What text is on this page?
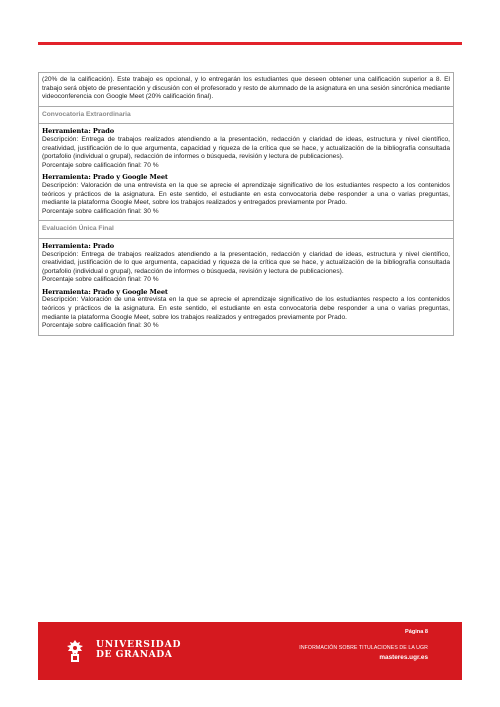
(20% de la calificación). Este trabajo es opcional, y lo entregarán los estudiantes que deseen obtener una calificación superior a 8. El trabajo será objeto de presentación y discusión con el profesorado y resto de alumnado de la asignatura en una sesión sincrónica mediante videoconferencia con Google Meet (20% calificación final).

Convocatoria Extraordinaria
Herramienta: Prado

Descripción: Entrega de trabajos realizados atendiendo a la presentación, redacción y claridad de ideas, estructura y nivel científico, creatividad, justificación de lo que argumenta, capacidad y riqueza de la crítica que se hace, y actualización de la bibliografía consultada (portafolio (individual o grupal), redacción de informes o búsqueda, revisión y lectura de publicaciones).

Porcentaje sobre calificación final: 70 %

Herramienta: Prado y Google Meet

Descripción: Valoración de una entrevista en la que se aprecie el aprendizaje significativo de los estudiantes respecto a los contenidos teóricos y prácticos de la asignatura. En este sentido, el estudiante en esta convocatoria debe responder a una o varias preguntas, mediante la plataforma Google Meet, sobre los trabajos realizados y entregados previamente por Prado.

Porcentaje sobre calificación final: 30 %

Evaluación Única Final
Herramienta: Prado

Descripción: Entrega de trabajos realizados atendiendo a la presentación, redacción y claridad de ideas, estructura y nivel científico, creatividad, justificación de lo que argumenta, capacidad y riqueza de la crítica que se hace, y actualización de la bibliografía consultada (portafolio (individual o grupal), redacción de informes o búsqueda, revisión y lectura de publicaciones).

Porcentaje sobre calificación final: 70 %

Herramienta: Prado y Google Meet

Descripción: Valoración de una entrevista en la que se aprecie el aprendizaje significativo de los estudiantes respecto a los contenidos teóricos y prácticos de la asignatura. En este sentido, el estudiante en esta convocatoria debe responder a una o varias preguntas, mediante la plataforma Google Meet, sobre los trabajos realizados y entregados previamente por Prado.

Porcentaje sobre calificación final: 30 %

UNIVERSIDAD
DE GRANADA
Página 8
INFORMACIÓN SOBRE TITULACIONES DE LA UGR
masteres.ugr.es
